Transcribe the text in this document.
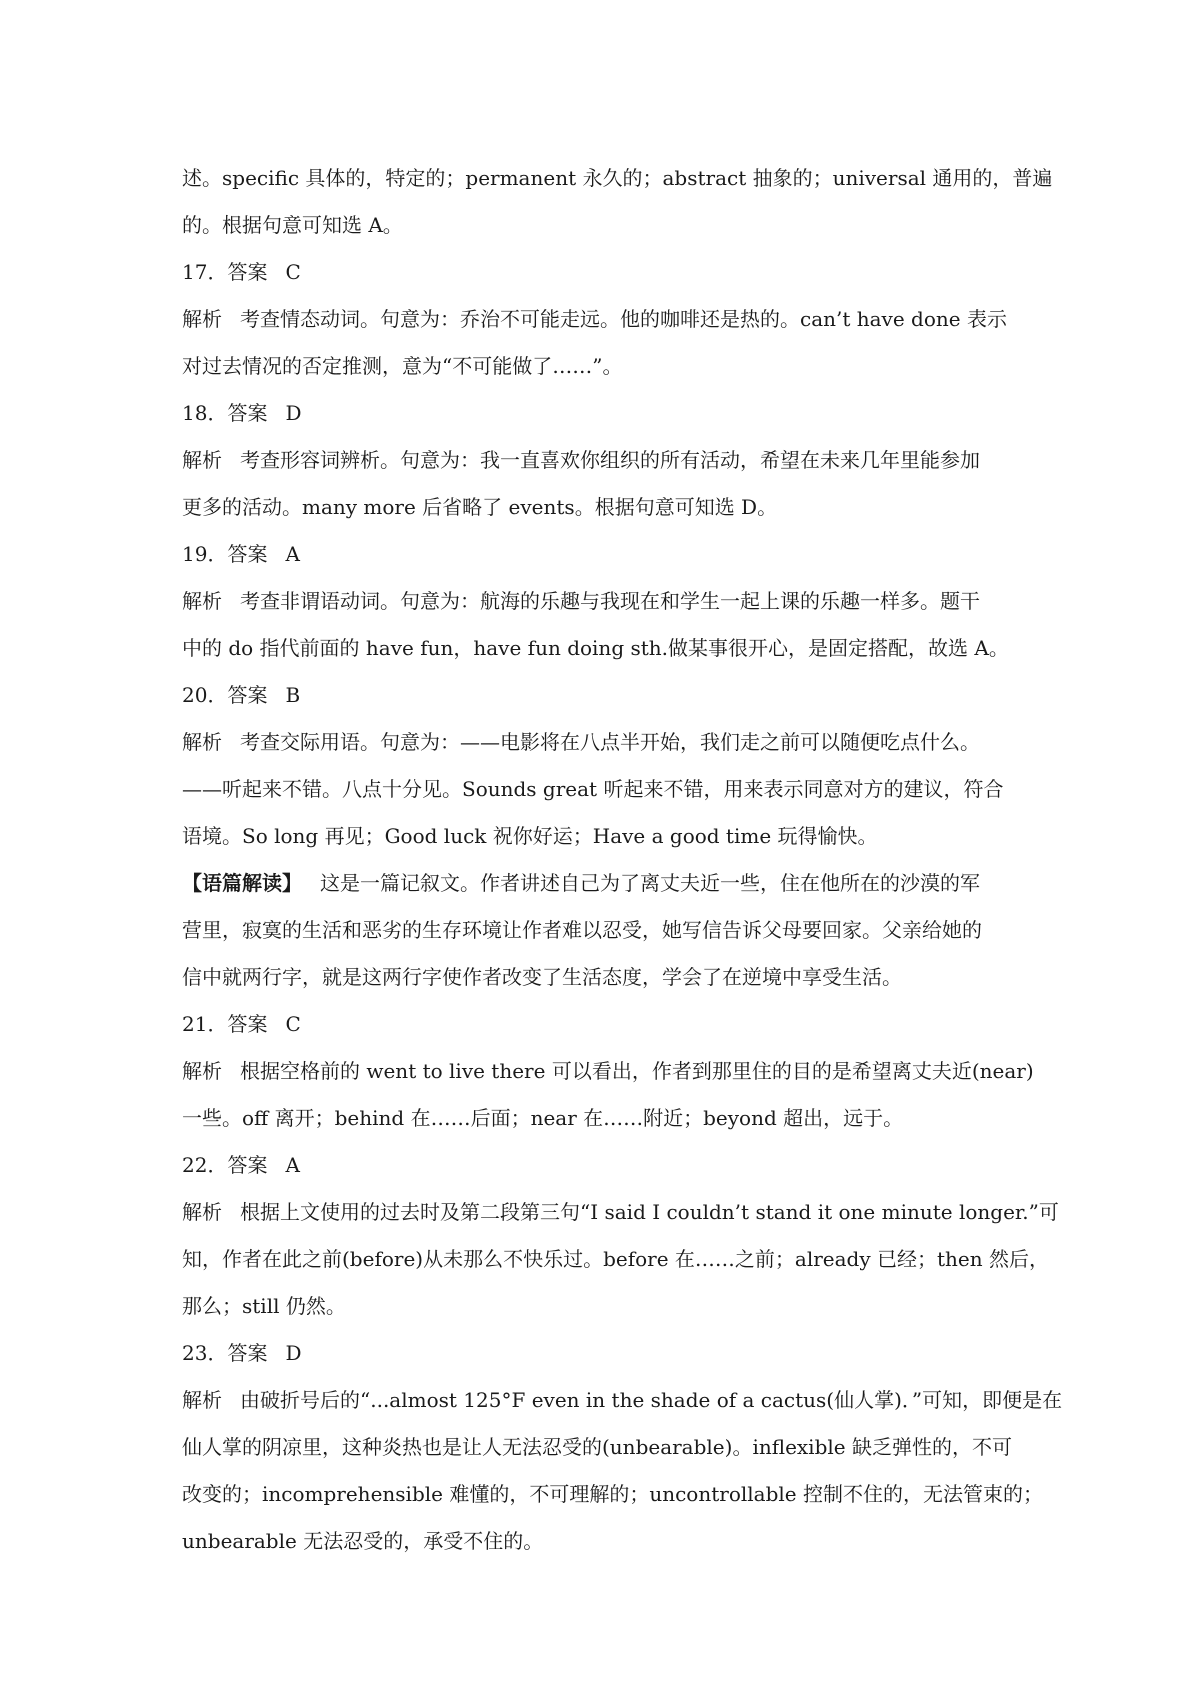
述。specific 具体的，特定的；permanent 永久的；abstract 抽象的；universal 通用的，普遍
的。根据句意可知选 A。
17．答案 C
解析 考查情态动词。句意为：乔治不可能走远。他的咖啡还是热的。can’t have done 表示
对过去情况的否定推测，意为“不可能做了……”。
18．答案 D
解析 考查形容词辨析。句意为：我一直喜欢你组织的所有活动，希望在未来几年里能参加
更多的活动。many more 后省略了 events。根据句意可知选 D。
19．答案 A
解析 考查非谓语动词。句意为：航海的乐趣与我现在和学生一起上课的乐趣一样多。题干
中的 do 指代前面的 have fun，have fun doing sth.做某事很开心，是固定搭配，故选 A。
20．答案 B
解析 考查交际用语。句意为：——电影将在八点半开始，我们走之前可以随便吃点什么。
——听起来不错。八点十分见。Sounds great 听起来不错，用来表示同意对方的建议，符合
语境。So long 再见；Good luck 祝你好运；Have a good time 玩得愉快。
【语篇解读】 这是一篇记叙文。作者讲述自己为了离丈夫近一些，住在他所在的沙漠的军
营里，寂寞的生活和恶劣的生存环境让作者难以忍受，她写信告诉父母要回家。父亲给她的
信中就两行字，就是这两行字使作者改变了生活态度，学会了在逆境中享受生活。
21．答案 C
解析 根据空格前的 went to live there 可以看出，作者到那里住的目的是希望离丈夫近(near)
一些。off 离开；behind 在……后面；near 在……附近；beyond 超出，远于。
22．答案 A
解析 根据上文使用的过去时及第二段第三句“I said I couldn’t stand it one minute longer.”可
知，作者在此之前(before)从未那么不快乐过。before 在……之前；already 已经；then 然后，
那么；still 仍然。
23．答案 D
解析 由破折号后的“...almost 125°F even in the shade of a cactus(仙人掌)．”可知，即便是在
仙人掌的阴凉里，这种炎热也是让人无法忍受的(unbearable)。inflexible 缺乏弹性的，不可
改变的；incomprehensible 难懂的，不可理解的；uncontrollable 控制不住的，无法管束的；
unbearable 无法忍受的，承受不住的。
